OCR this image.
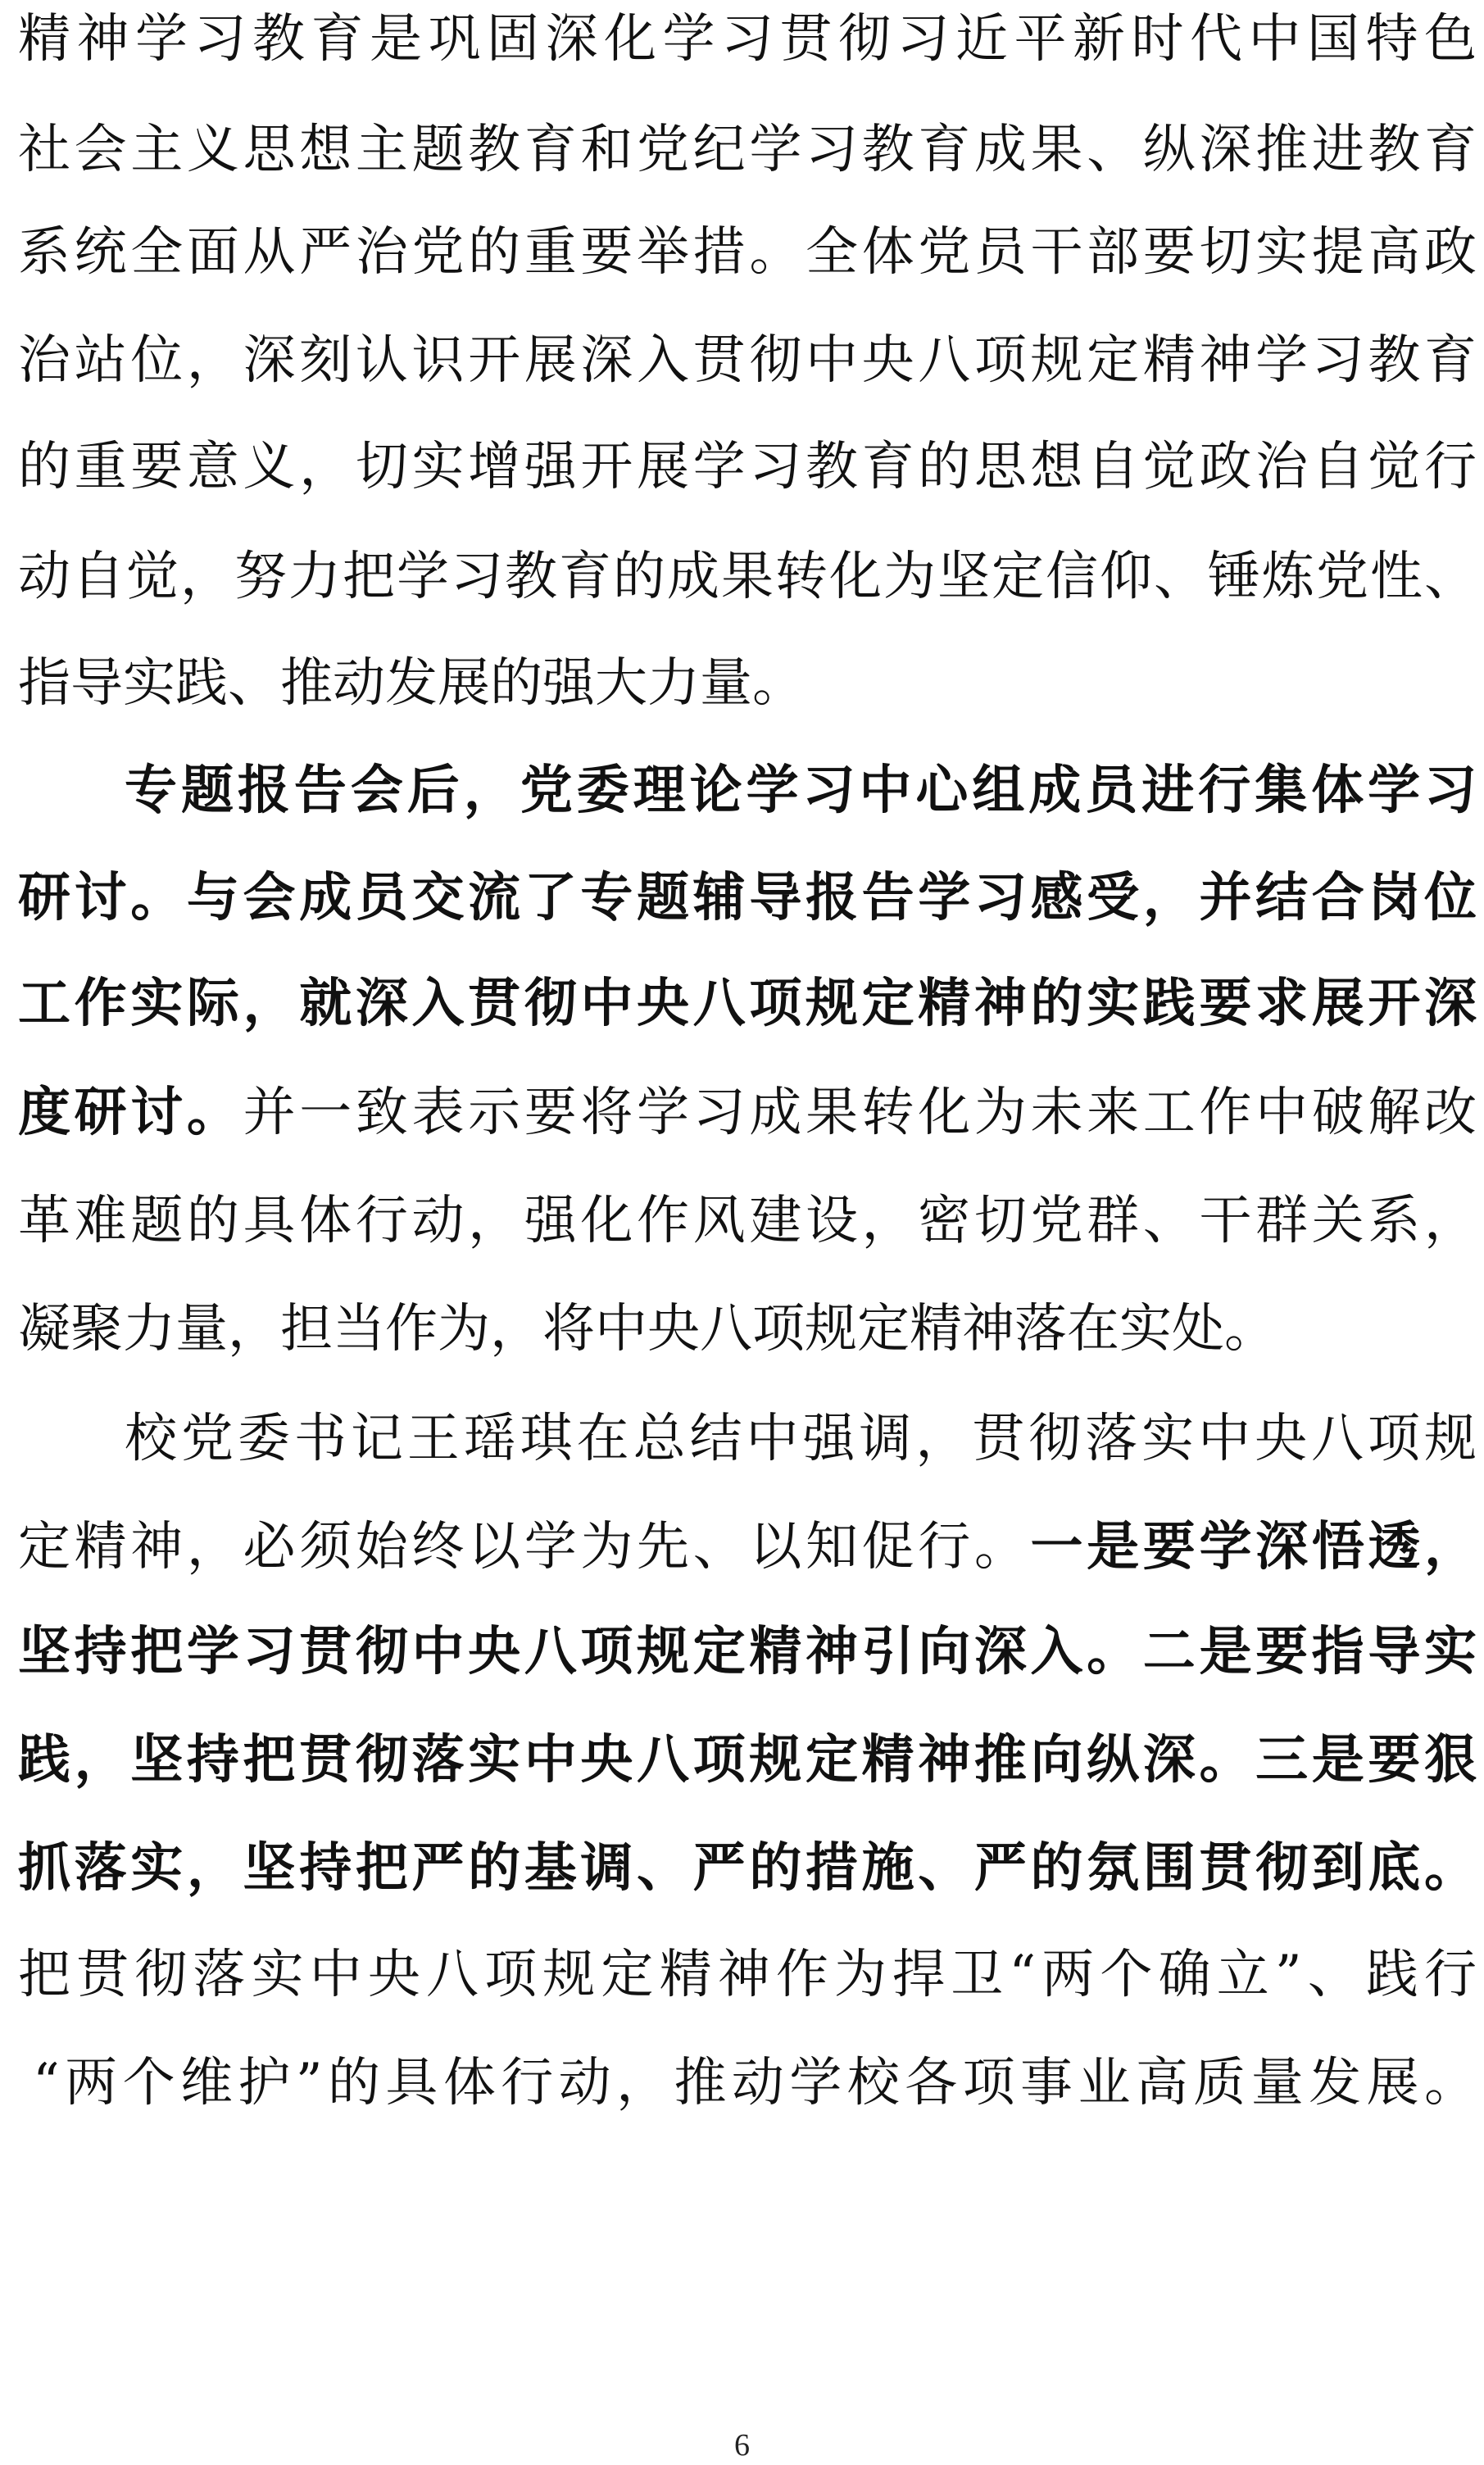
精神学习教育是巩固深化学习贯彻习近平新时代中国特色
社会主义思想主题教育和党纪学习教育成果、纵深推进教育
系统全面从严治党的重要举措。全体党员干部要切实提高政
治站位，深刻认识开展深入贯彻中央八项规定精神学习教育
的重要意义，切实增强开展学习教育的思想自觉政治自觉行
动自觉，努力把学习教育的成果转化为坚定信仰、锤炼党性、
指导实践、推动发展的强大力量。
专题报告会后，党委理论学习中心组成员进行集体学习
研讨。与会成员交流了专题辅导报告学习感受，并结合岗位
工作实际，就深入贯彻中央八项规定精神的实践要求展开深
度研讨。并一致表示要将学习成果转化为未来工作中破解改
革难题的具体行动，强化作风建设，密切党群、干群关系，
凝聚力量，担当作为，将中央八项规定精神落在实处。
校党委书记王瑶琪在总结中强调，贯彻落实中央八项规
定精神，必须始终以学为先、以知促行。一是要学深悟透，
坚持把学习贯彻中央八项规定精神引向深入。二是要指导实
践，坚持把贯彻落实中央八项规定精神推向纵深。三是要狠
抓落实，坚持把严的基调、严的措施、严的氛围贯彻到底。
把贯彻落实中央八项规定精神作为捍卫“两个确立”、践行
“两个维护”的具体行动，推动学校各项事业高质量发展。
6
